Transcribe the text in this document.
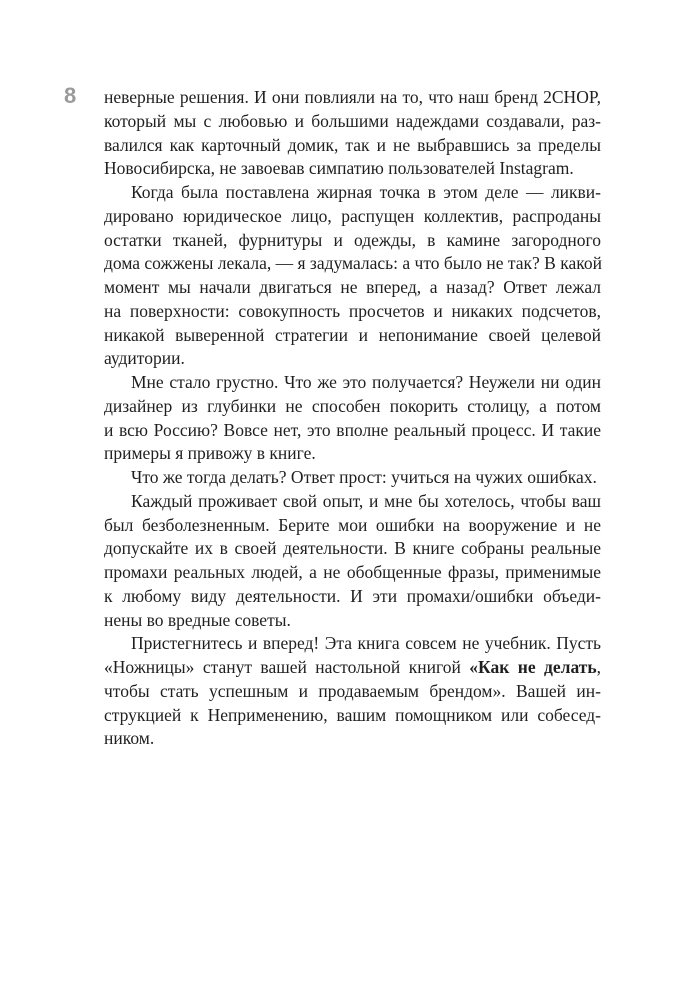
8 неверные решения. И они повлияли на то, что наш бренд 2CHOP,
который мы с любовью и большими надеждами создавали, раз-
валился как карточный домик, так и не выбравшись за пределы
Новосибирска, не завоевав симпатию пользователей Instagram.
Когда была поставлена жирная точка в этом деле — ликви-
дировано юридическое лицо, распущен коллектив, распроданы
остатки тканей, фурнитуры и одежды, в камине загородного
дома сожжены лекала, — я задумалась: а что было не так? В какой
момент мы начали двигаться не вперед, а назад? Ответ лежал
на поверхности: совокупность просчетов и никаких подсчетов,
никакой выверенной стратегии и непонимание своей целевой
аудитории.
Мне стало грустно. Что же это получается? Неужели ни один
дизайнер из глубинки не способен покорить столицу, а потом
и всю Россию? Вовсе нет, это вполне реальный процесс. И такие
примеры я привожу в книге.
Что же тогда делать? Ответ прост: учиться на чужих ошибках.
Каждый проживает свой опыт, и мне бы хотелось, чтобы ваш
был безболезненным. Берите мои ошибки на вооружение и не
допускайте их в своей деятельности. В книге собраны реальные
промахи реальных людей, а не обобщенные фразы, применимые
к любому виду деятельности. И эти промахи/ошибки объеди-
нены во вредные советы.
Пристегнитесь и вперед! Эта книга совсем не учебник. Пусть
«Ножницы» станут вашей настольной книгой «Как не делать,
чтобы стать успешным и продаваемым брендом». Вашей ин-
струкцией к Неприменению, вашим помощником или собесед-
ником.
